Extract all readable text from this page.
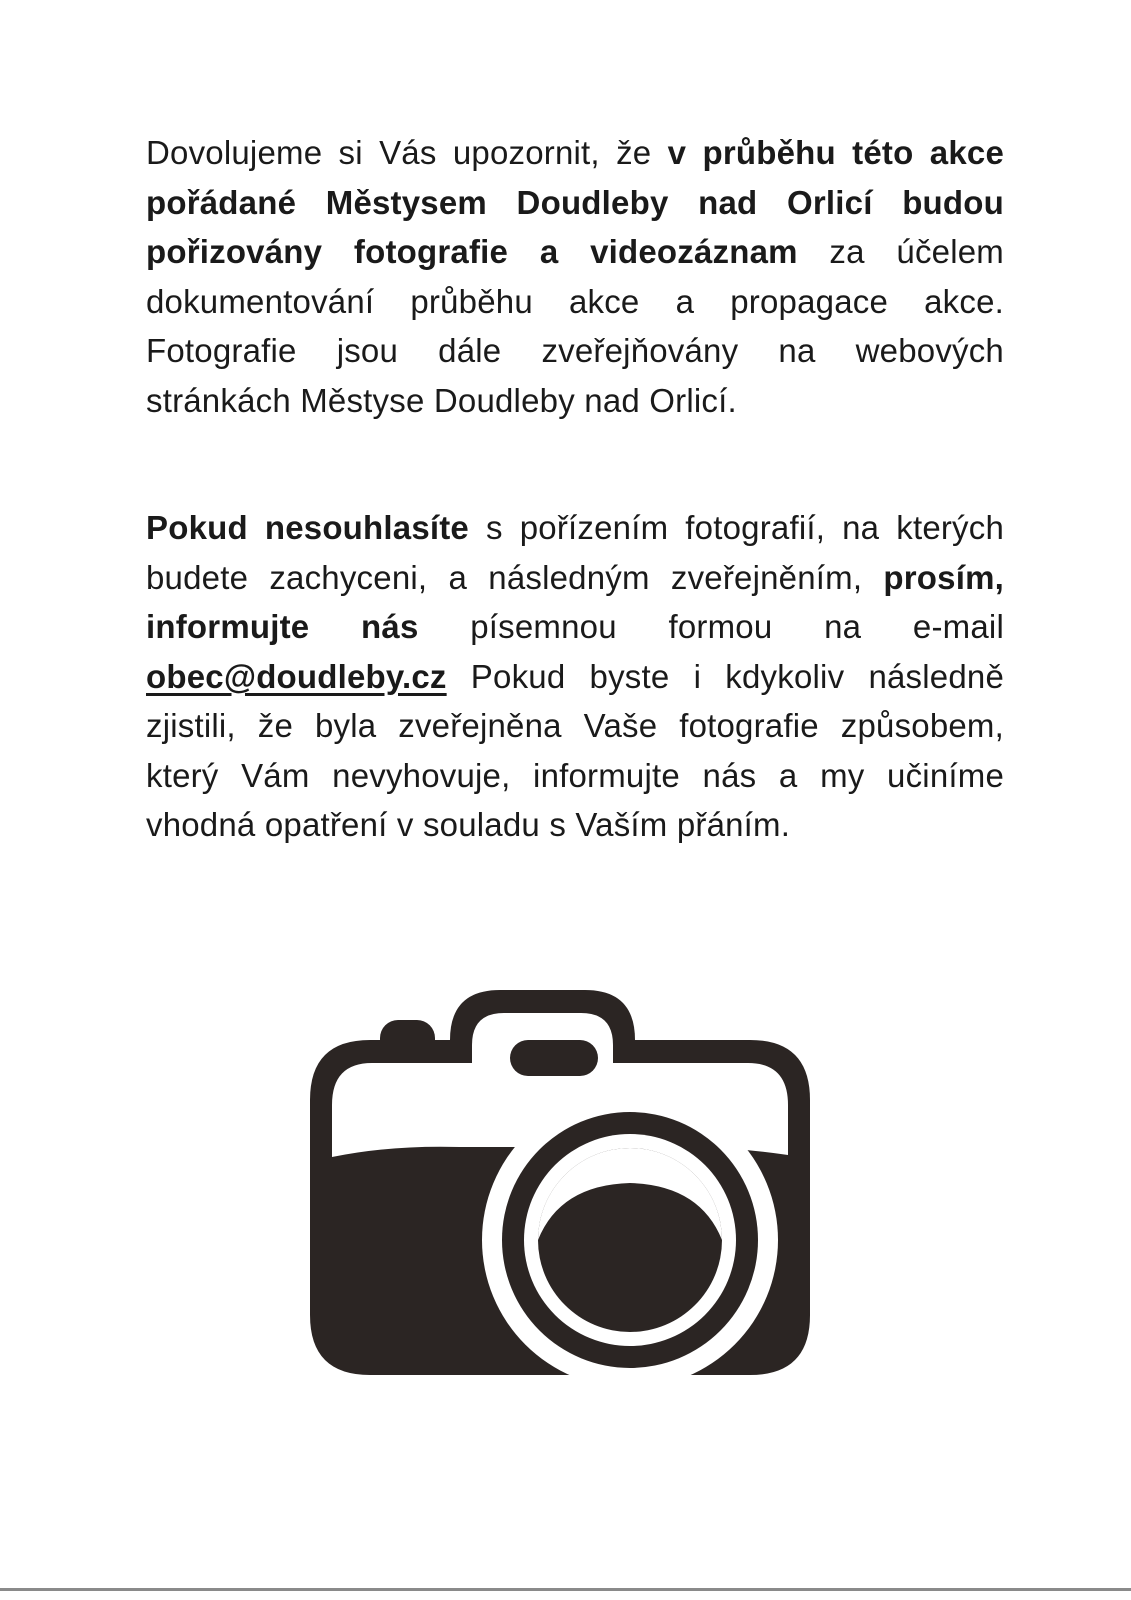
Dovolujeme si Vás upozornit, že v průběhu této akce pořádané Městysem Doudleby nad Orlicí budou pořizovány fotografie a videozáznam za účelem dokumentování průběhu akce a propagace akce. Fotografie jsou dále zveřejňovány na webových stránkách Městyse Doudleby nad Orlicí.

Pokud nesouhlasíte s pořízením fotografií, na kterých budete zachyceni, a následným zveřejněním, prosím, informujte nás písemnou formou na e-mail obec@doudleby.cz Pokud byste i kdykoliv následně zjistili, že byla zveřejněna Vaše fotografie způsobem, který Vám nevyhovuje, informujte nás a my učiníme vhodná opatření v souladu s Vaším přáním.
